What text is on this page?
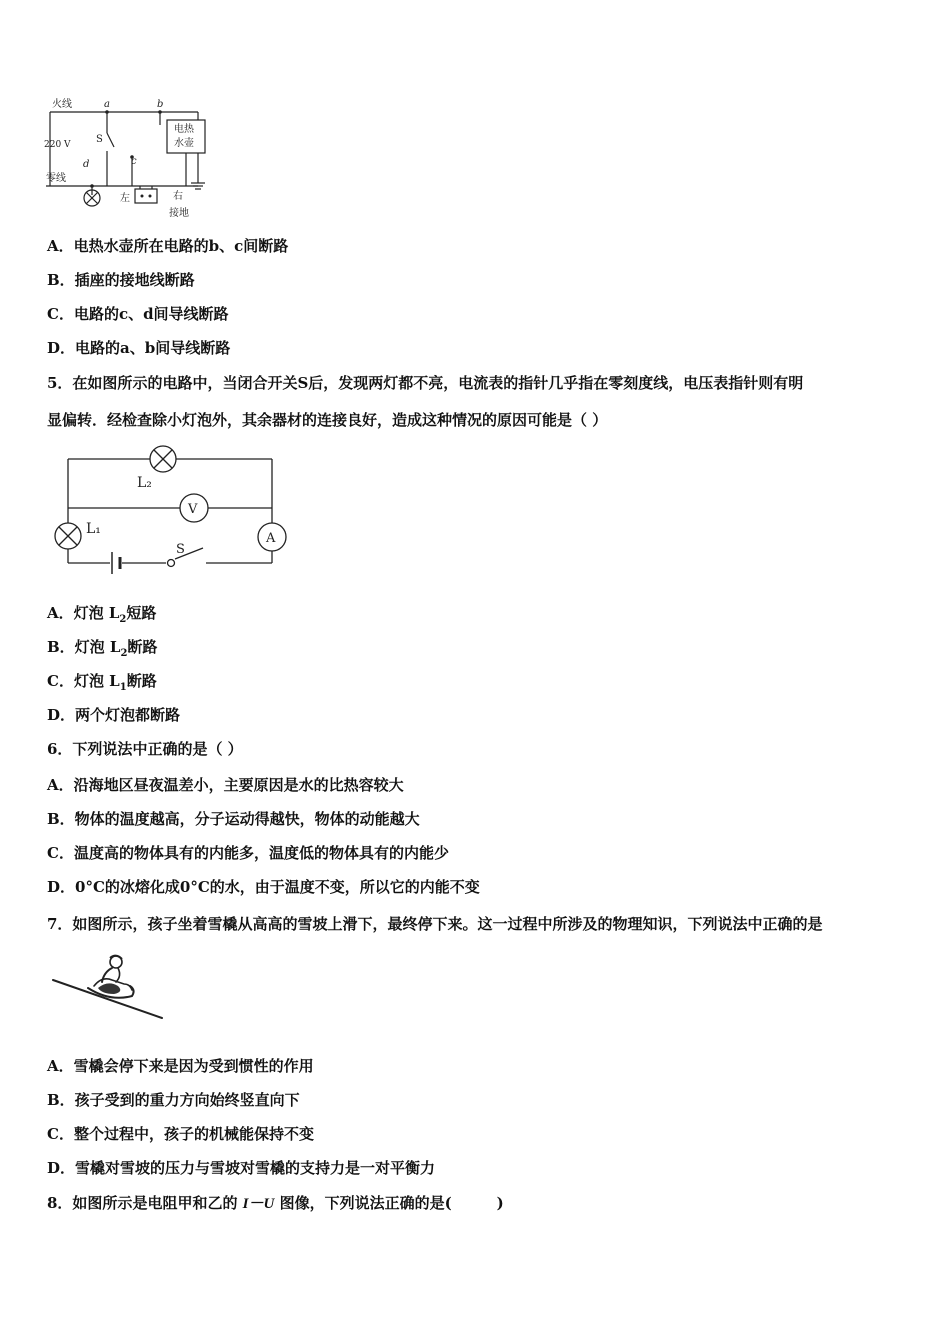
火线
零线
220 V	S
a	b
c
d
电热
水壶
左	右
接地
A．电热水壶所在电路的b、c间断路
B．插座的接地线断路
C．电路的c、d间导线断路
D．电路的a、b间导线断路
5．在如图所示的电路中，当闭合开关S后，发现两灯都不亮，电流表的指针几乎指在零刻度线，电压表指针则有明
显偏转．经检查除小灯泡外，其余器材的连接良好，造成这种情况的原因可能是（ ）
L₂
V
L₁
A
S
A．灯泡 $L_2$短路
B．灯泡 $L_2$断路
C．灯泡 $L_1$断路
D．两个灯泡都断路
6．下列说法中正确的是（ ）
A．沿海地区昼夜温差小，主要原因是水的比热容较大
B．物体的温度越高，分子运动得越快，物体的动能越大
C．温度高的物体具有的内能多，温度低的物体具有的内能少
D．0°C的冰熔化成0°C的水，由于温度不变，所以它的内能不变
7．如图所示，孩子坐着雪橇从高高的雪坡上滑下，最终停下来。这一过程中所涉及的物理知识，下列说法中正确的是
A．雪橇会停下来是因为受到惯性的作用
B．孩子受到的重力方向始终竖直向下
C．整个过程中，孩子的机械能保持不变
D．雪橇对雪坡的压力与雪坡对雪橇的支持力是一对平衡力
8．如图所示是电阻甲和乙的 I－U 图像，下列说法正确的是(　　　)
